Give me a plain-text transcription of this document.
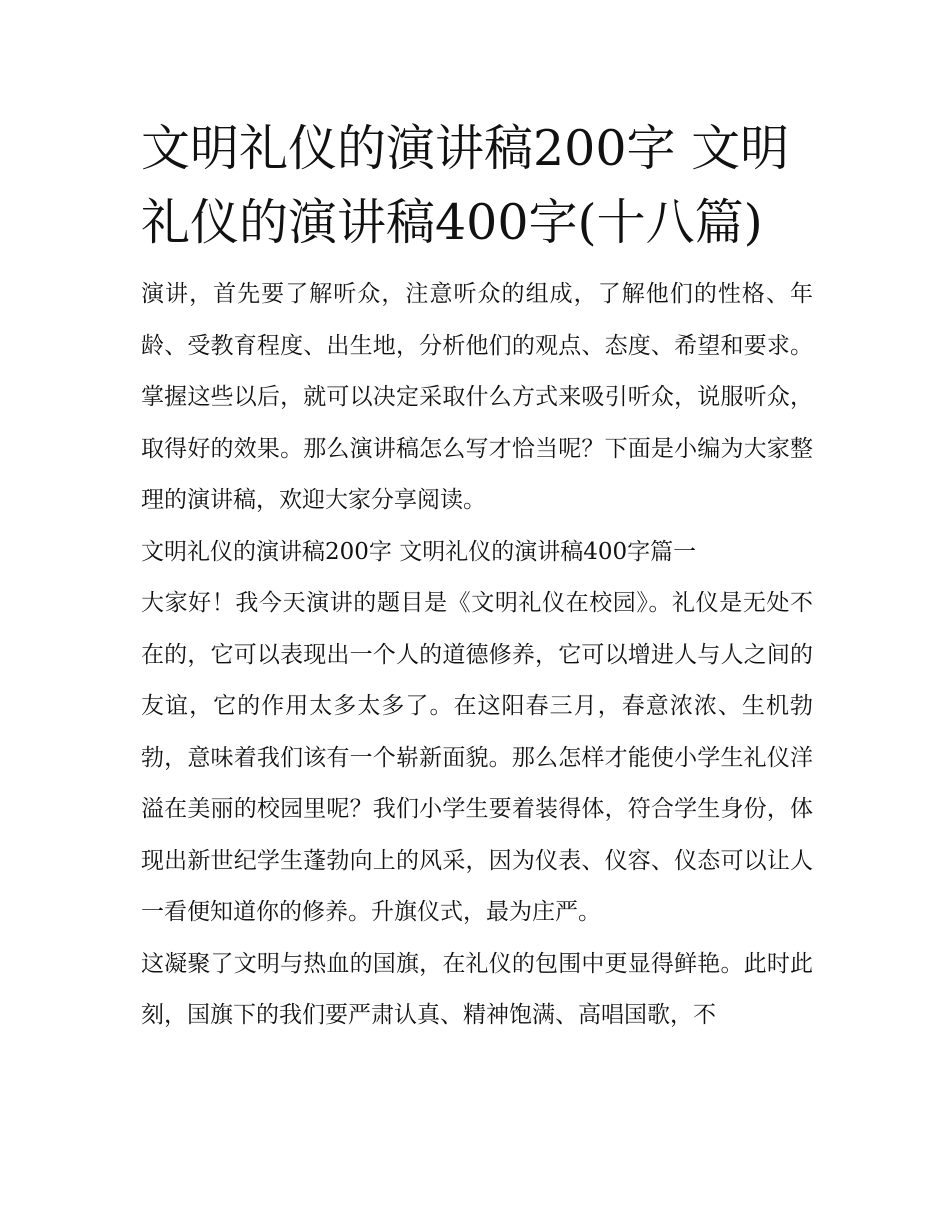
文明礼仪的演讲稿200字 文明礼仪的演讲稿400字(十八篇)

演讲，首先要了解听众，注意听众的组成，了解他们的性格、年龄、受教育程度、出生地，分析他们的观点、态度、希望和要求。掌握这些以后，就可以决定采取什么方式来吸引听众，说服听众，取得好的效果。那么演讲稿怎么写才恰当呢？下面是小编为大家整理的演讲稿，欢迎大家分享阅读。

文明礼仪的演讲稿200字 文明礼仪的演讲稿400字篇一

大家好！我今天演讲的题目是《文明礼仪在校园》。礼仪是无处不在的，它可以表现出一个人的道德修养，它可以增进人与人之间的友谊，它的作用太多太多了。在这阳春三月，春意浓浓、生机勃勃，意味着我们该有一个崭新面貌。那么怎样才能使小学生礼仪洋溢在美丽的校园里呢？我们小学生要着装得体，符合学生身份，体现出新世纪学生蓬勃向上的风采，因为仪表、仪容、仪态可以让人一看便知道你的修养。升旗仪式，最为庄严。

这凝聚了文明与热血的国旗，在礼仪的包围中更显得鲜艳。此时此刻，国旗下的我们要严肃认真、精神饱满、高唱国歌，不
